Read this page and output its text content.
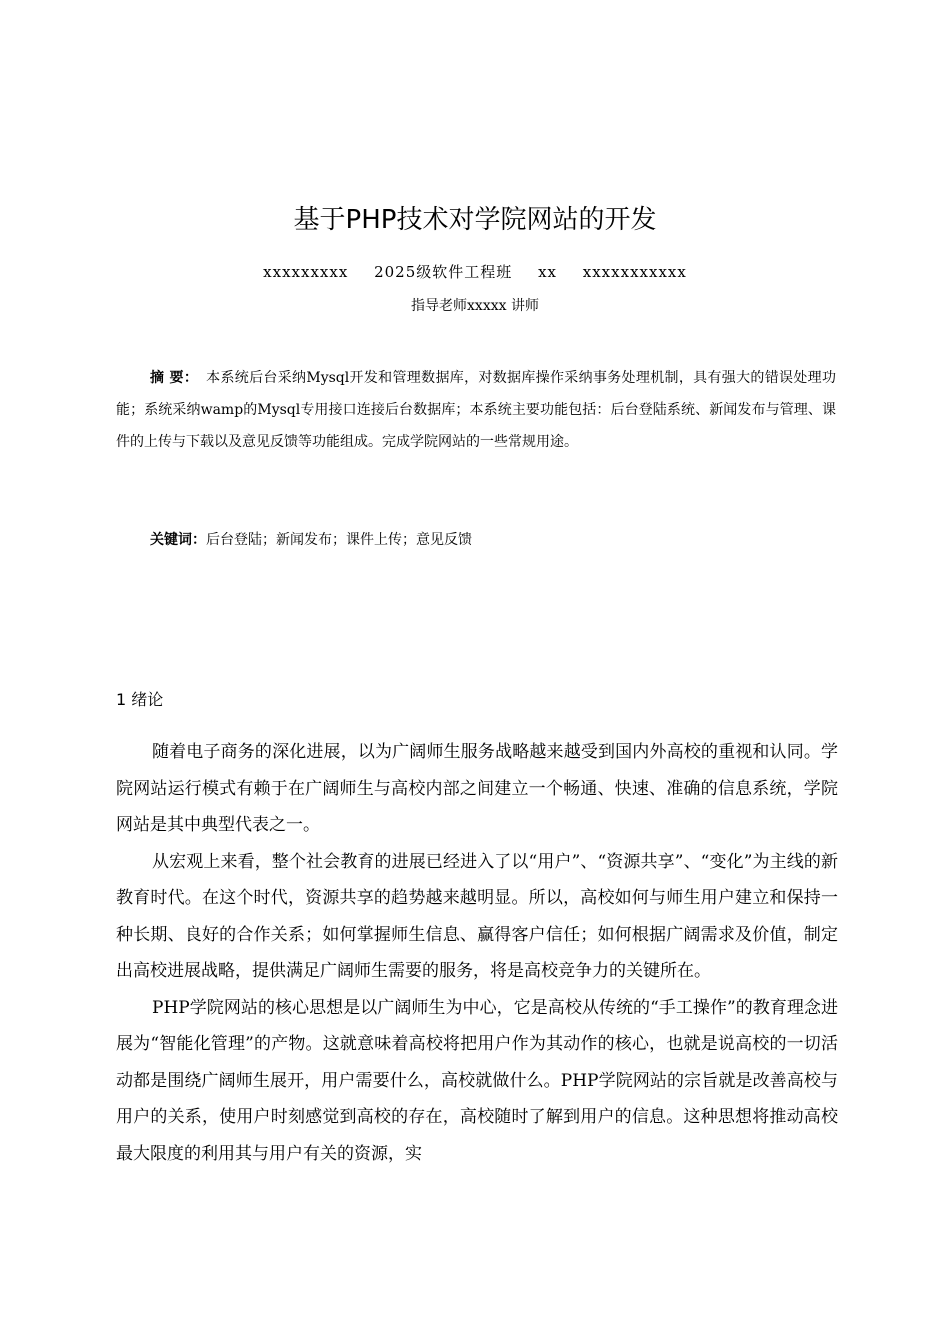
基于PHP技术对学院网站的开发
xxxxxxxxx 2025级软件工程班 xx xxxxxxxxxxx
指导老师xxxxx 讲师

摘 要： 本系统后台采纳Mysql开发和管理数据库，对数据库操作采纳事务处理机制，具有强大的错误处理功能；系统采纳wamp的Mysql专用接口连接后台数据库；本系统主要功能包括：后台登陆系统、新闻发布与管理、课件的上传与下载以及意见反馈等功能组成。完成学院网站的一些常规用途。

关键词：后台登陆；新闻发布；课件上传；意见反馈
1 绪论

随着电子商务的深化进展，以为广阔师生服务战略越来越受到国内外高校的重视和认同。学院网站运行模式有赖于在广阔师生与高校内部之间建立一个畅通、快速、准确的信息系统，学院网站是其中典型代表之一。

从宏观上来看，整个社会教育的进展已经进入了以“用户”、“资源共享”、“变化”为主线的新教育时代。在这个时代，资源共享的趋势越来越明显。所以，高校如何与师生用户建立和保持一种长期、良好的合作关系；如何掌握师生信息、赢得客户信任；如何根据广阔需求及价值，制定出高校进展战略，提供满足广阔师生需要的服务，将是高校竞争力的关键所在。

PHP学院网站的核心思想是以广阔师生为中心，它是高校从传统的“手工操作”的教育理念进展为“智能化管理”的产物。这就意味着高校将把用户作为其动作的核心，也就是说高校的一切活动都是围绕广阔师生展开，用户需要什么，高校就做什么。PHP学院网站的宗旨就是改善高校与用户的关系，使用户时刻感觉到高校的存在，高校随时了解到用户的信息。这种思想将推动高校最大限度的利用其与用户有关的资源，实
